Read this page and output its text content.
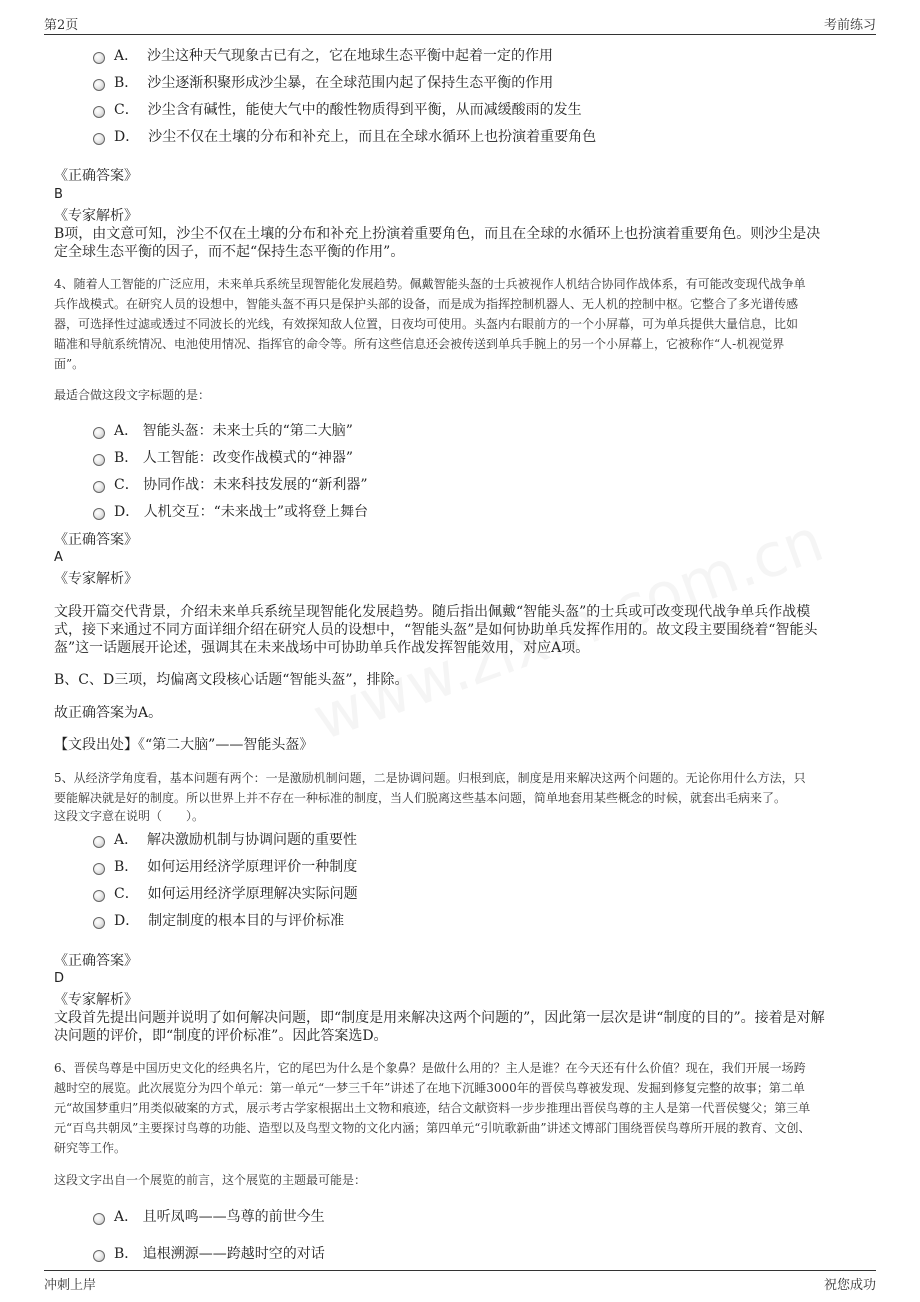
第2页	考前练习
A．
沙尘这种天气现象古已有之，它在地球生态平衡中起着一定的作用
B．
沙尘逐渐积聚形成沙尘暴，在全球范围内起了保持生态平衡的作用
C．
沙尘含有碱性，能使大气中的酸性物质得到平衡，从而减缓酸雨的发生
D．
沙尘不仅在土壤的分布和补充上，而且在全球水循环上也扮演着重要角色
《正确答案》
B
《专家解析》
B项，由文意可知，沙尘不仅在土壤的分布和补充上扮演着重要角色，而且在全球的水循环上也扮演着重要角色。则沙尘是决
定全球生态平衡的因子，而不起“保持生态平衡的作用”。
4、随着人工智能的广泛应用，未来单兵系统呈现智能化发展趋势。佩戴智能头盔的士兵被视作人机结合协同作战体系，有可能改变现代战争单
兵作战模式。在研究人员的设想中，智能头盔不再只是保护头部的设备，而是成为指挥控制机器人、无人机的控制中枢。它整合了多光谱传感
器，可选择性过滤或透过不同波长的光线，有效探知敌人位置，日夜均可使用。头盔内右眼前方的一个小屏幕，可为单兵提供大量信息，比如
瞄准和导航系统情况、电池使用情况、指挥官的命令等。所有这些信息还会被传送到单兵手腕上的另一个小屏幕上，它被称作“人-机视觉界
面”。
最适合做这段文字标题的是：
A．
智能头盔：未来士兵的“第二大脑”
B．
人工智能：改变作战模式的“神器”
C．
协同作战：未来科技发展的“新利器”
D．
人机交互：“未来战士”或将登上舞台
《正确答案》
A
《专家解析》
文段开篇交代背景，介绍未来单兵系统呈现智能化发展趋势。随后指出佩戴“智能头盔”的士兵或可改变现代战争单兵作战模
式，接下来通过不同方面详细介绍在研究人员的设想中，“智能头盔”是如何协助单兵发挥作用的。故文段主要围绕着“智能头
盔”这一话题展开论述，强调其在未来战场中可协助单兵作战发挥智能效用，对应A项。
B、C、D三项，均偏离文段核心话题“智能头盔”，排除。
故正确答案为A。
【文段出处】《“第二大脑”——智能头盔》
5、从经济学角度看，基本问题有两个：一是激励机制问题，二是协调问题。归根到底，制度是用来解决这两个问题的。无论你用什么方法，只
要能解决就是好的制度。所以世界上并不存在一种标准的制度，当人们脱离这些基本问题，简单地套用某些概念的时候，就套出毛病来了。
这段文字意在说明（　　）。
A．
解决激励机制与协调问题的重要性
B．
如何运用经济学原理评价一种制度
C．
如何运用经济学原理解决实际问题
D．
制定制度的根本目的与评价标准
《正确答案》
D
《专家解析》
文段首先提出问题并说明了如何解决问题，即“制度是用来解决这两个问题的”，因此第一层次是讲“制度的目的”。接着是对解
决问题的评价，即“制度的评价标准”。因此答案选D。
6、晋侯鸟尊是中国历史文化的经典名片，它的尾巴为什么是个象鼻？是做什么用的？主人是谁？在今天还有什么价值？现在，我们开展一场跨
越时空的展览。此次展览分为四个单元：第一单元“一梦三千年”讲述了在地下沉睡3000年的晋侯鸟尊被发现、发掘到修复完整的故事；第二单
元“故国梦重归”用类似破案的方式，展示考古学家根据出土文物和痕迹，结合文献资料一步步推理出晋侯鸟尊的主人是第一代晋侯燮父；第三单
元“百鸟共朝凤”主要探讨鸟尊的功能、造型以及鸟型文物的文化内涵；第四单元“引吭歌新曲”讲述文博部门围绕晋侯鸟尊所开展的教育、文创、
研究等工作。
这段文字出自一个展览的前言，这个展览的主题最可能是：
A．
且听凤鸣——鸟尊的前世今生
B．
追根溯源——跨越时空的对话
冲刺上岸	祝您成功
